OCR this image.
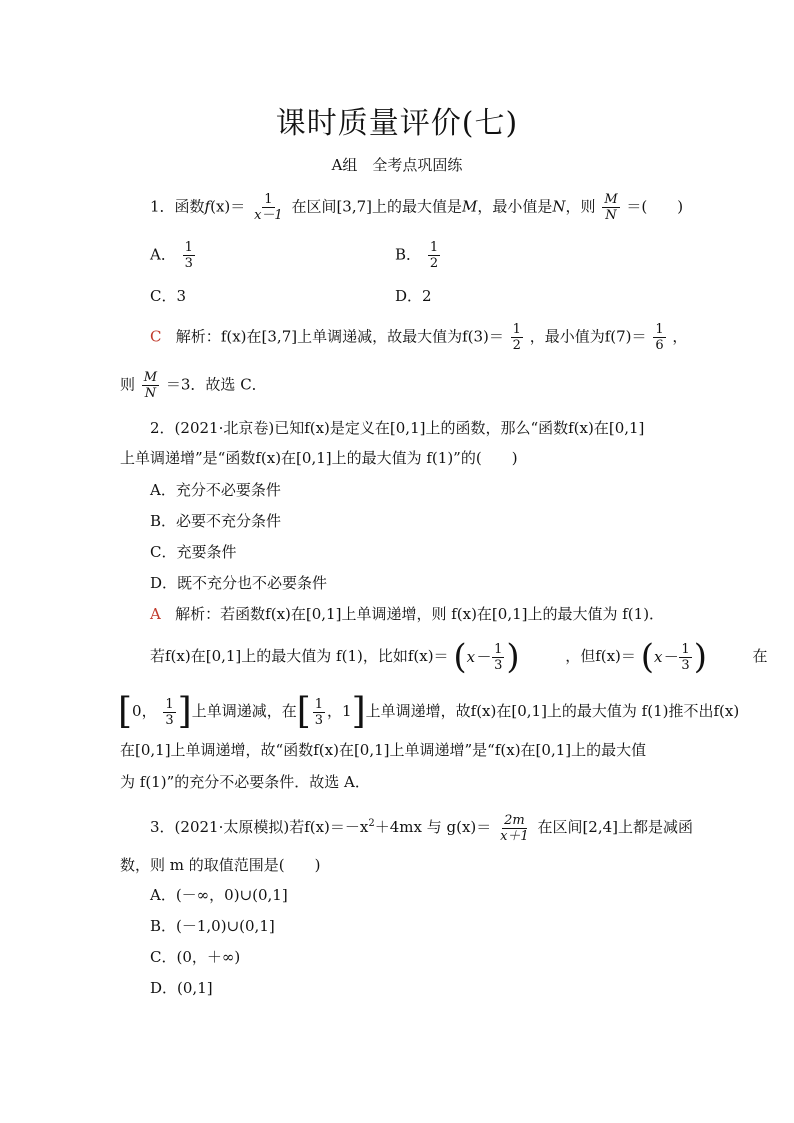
课时质量评价(七)
A组　全考点巩固练
1．函数$f(x)= \frac{1}{x-1}$ 在区间[3,7]上的最大值是M，最小值是N，则 $\frac{M}{N}$ ＝(　　)
A． $\frac{1}{3}$	B． $\frac{1}{2}$
C．3	D．2
C 解析：f(x)在[3,7]上单调递减，故最大值为$f(3)= \frac{1}{2}$ ，最小值为$f(7)= \frac{1}{6}$ ，
则 $\frac{M}{N} =3$．故选 C．
2．(2021·北京卷)已知f(x)是定义在[0,1]上的函数，那么“函数f(x)在[0,1]
上单调递增”是“函数f(x)在[0,1]上的最大值为 f(1)”的(　　)
A．充分不必要条件
B．必要不充分条件
C．充要条件
D．既不充分也不必要条件
A 解析：若函数f(x)在[0,1]上单调递增，则 f(x)在[0,1]上的最大值为 f(1)．
若f(x)在[0,1]上的最大值为 f(1)，比如f(x)＝ ( $x- \frac{1}{3}$ )	，但f(x)＝ ( $x- \frac{1}{3}$ )	在
[0， $\frac{1}{3}$ ]上单调递减，在[ $\frac{1}{3}$ ，1]上单调递增，故f(x)在[0,1]上的最大值为 f(1)推不出f(x)
在[0,1]上单调递增，故“函数f(x)在[0,1]上单调递增”是“f(x)在[0,1]上的最大值
为 f(1)”的充分不必要条件．故选 A．
3．(2021·太原模拟)若$f(x)=-x^2+4mx$ 与 $g(x)= \frac{2m}{x+1}$ 在区间[2,4]上都是减函
数，则 m 的取值范围是(　　)
A．(－∞，0)∪(0,1]
B．(－1,0)∪(0,1]
C．(0，＋∞)
D．(0,1]
